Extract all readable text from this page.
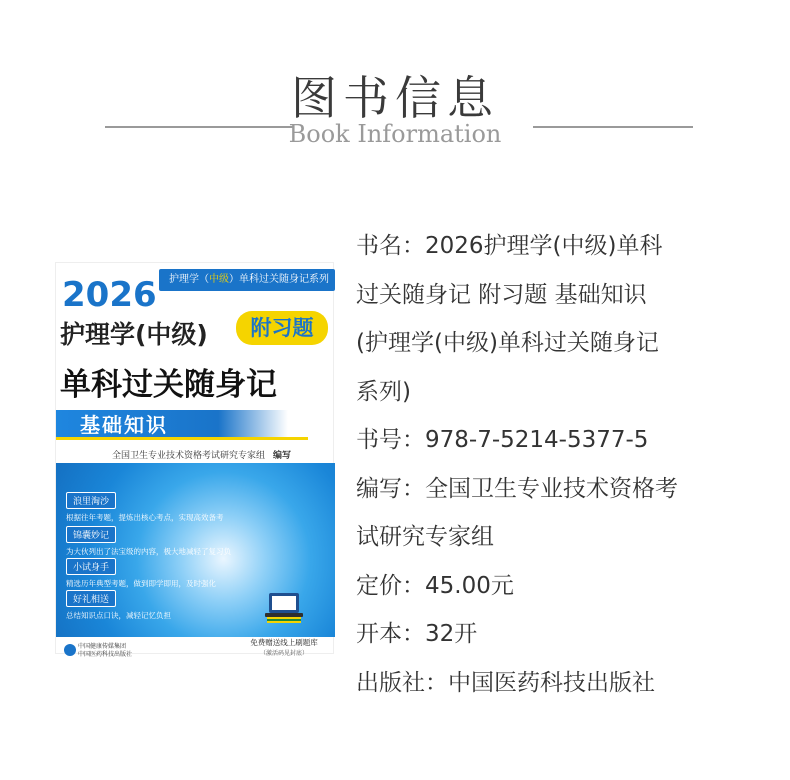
图书信息
Book Information
护理学（中级）单科过关随身记系列
2026
护理学(中级)	附习题
单科过关随身记
基础知识
全国卫生专业技术资格考试研究专家组 编写
浪里淘沙
根据往年考题，提炼出核心考点，实现高效备考
锦囊妙记
为大伙列出了法宝级的内容，极大地减轻了复习负
小试身手
精选历年典型考题，做到即学即用，及时强化
好礼相送
总结知识点口诀，减轻记忆负担
免费赠送线上刷题库
（激活码见封底）
中国健康传媒集团
中国医药科技出版社

书名：2026护理学(中级)单科

过关随身记 附习题 基础知识

(护理学(中级)单科过关随身记

系列)

书号：978-7-5214-5377-5

编写：全国卫生专业技术资格考

试研究专家组

定价：45.00元

开本：32开

出版社：中国医药科技出版社
